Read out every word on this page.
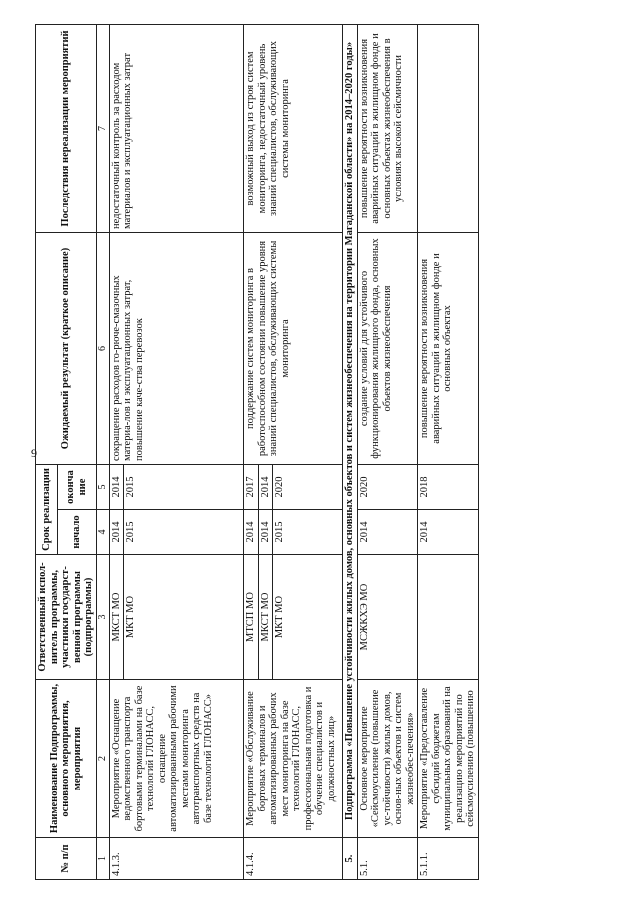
9
№ п/п	Наименование Подпрограммы, основного мероприятия, мероприятия	Ответственный испол-нитель программы, участники государст-венной программы (подпрограммы)	Срок реализации		Ожидаемый результат (краткое описание)	Последствия нереализации мероприятий
			начало	оконча ние		
1	2	3	4	5	6	7
4.1.3.	Мероприятие «Оснащение ведомственного транспорта бортовыми терминалами на базе технологий ГЛОНАСС, оснащение автоматизированными рабочими местами мониторинга автотранспортных средств на базе технологий ГЛОНАСС»	МКСТ МО	2014	2014	сокращение расходов го-рюче-смазочных материа-лов и эксплуатационных затрат, повышение каче-ства перевозок	недостаточный контроль за расходом материалов и эксплуатационных затрат
		МКТ МО	2015	2015		
4.1.4.	Мероприятие «Обслуживание бортовых терминалов и автоматизированных рабочих мест мониторинга на базе технологий ГЛОНАСС, профессиональная подготовка и обучение специалистов и должностных лиц»	МТСП МО	2014	2017	поддержание систем мониторинга в работоспособном состоянии повышение уровня знаний специалистов, обслуживающих системы мониторинга	возможный выход из строя систем мониторинга, недостаточный уровень знаний специалистов, обслуживающих системы мониторинга
		МКСТ МО	2014	2014		
		МКТ МО	2015	2020		
5.	Подпрограмма «Повышение устойчивости жилых домов, основных объектов и систем жизнеобеспечения на территории Магаданской области» на 2014–2020 годы»					
5.1.	Основное мероприятие «Сейсмоусиление (повышение ус-тойчивости) жилых домов, основ-ных объектов и систем жизнеобес-печения»	МСЖКХЭ МО	2014	2020	создание условий для устойчивого функционирования жилищного фонда, основных объектов жизнеобеспечения	повышение вероятности возникновения аварийных ситуаций в жилищном фонде и основных объектах жизнеобеспечения в условиях высокой сейсмичности
5.1.1.	Мероприятие «Предоставление субсидий бюджетам муниципальных образований на реализацию мероприятий по сейсмоусилению (повышению		2014	2018	повышение вероятности возникновения аварийных ситуаций в жилищном фонде и основных объектах	
